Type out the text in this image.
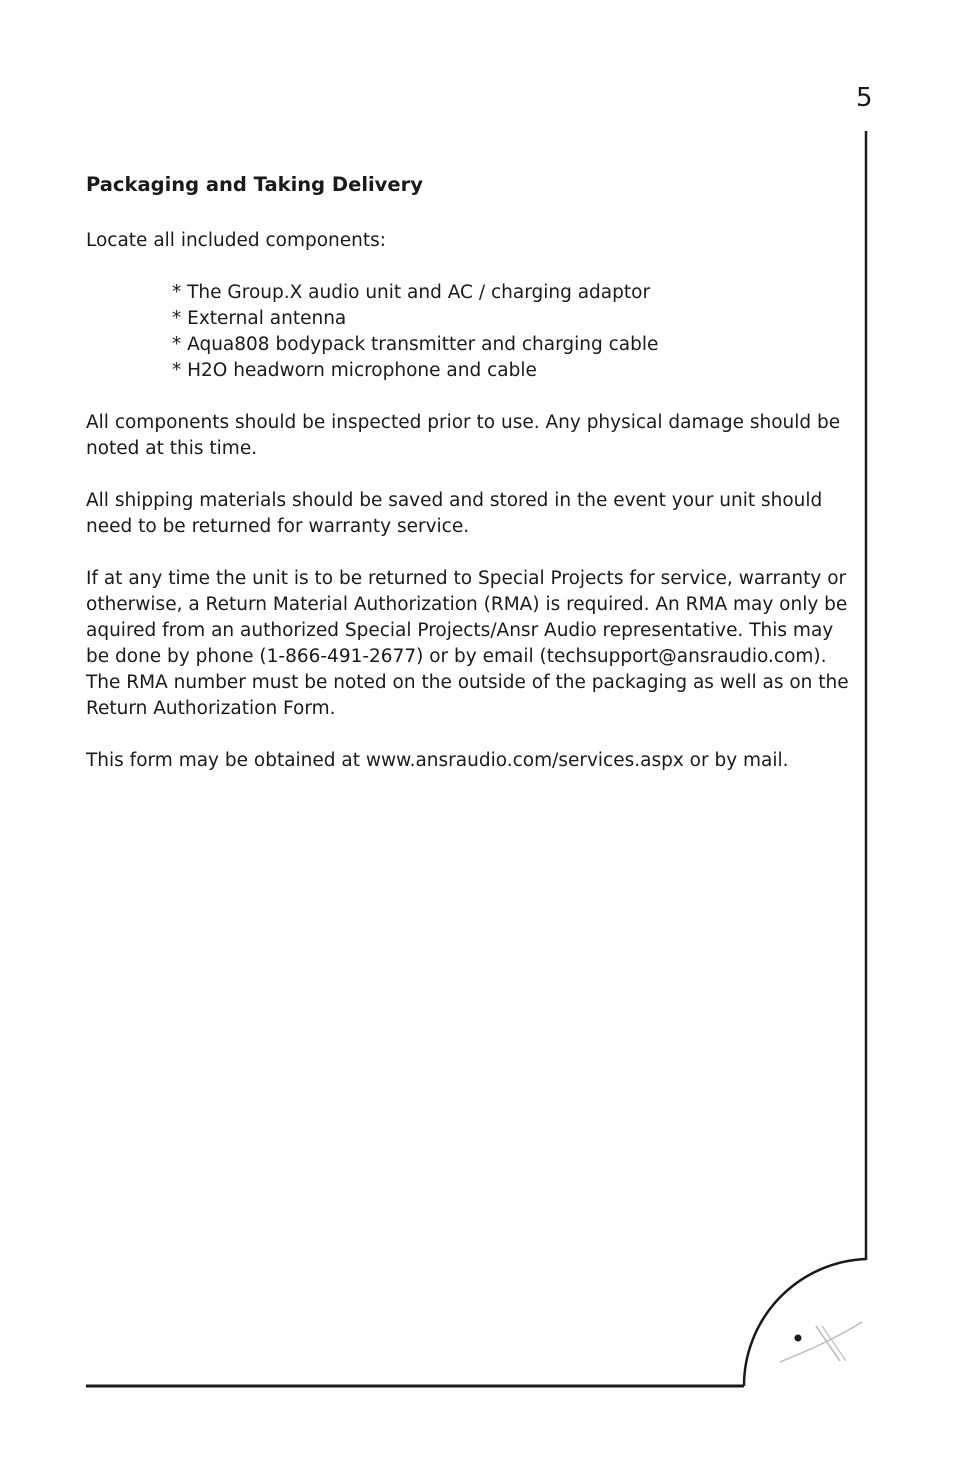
5
Packaging and Taking Delivery

Locate all included components:

* The Group.X audio unit and AC / charging adaptor
* External antenna
* Aqua808 bodypack transmitter and charging cable
* H2O headworn microphone and cable

All components should be inspected prior to use. Any physical damage should be
noted at this time.

All shipping materials should be saved and stored in the event your unit should
need to be returned for warranty service.

If at any time the unit is to be returned to Special Projects for service, warranty or
otherwise, a Return Material Authorization (RMA) is required. An RMA may only be
aquired from an authorized Special Projects/Ansr Audio representative. This may
be done by phone (1-866-491-2677) or by email (techsupport@ansraudio.com).
The RMA number must be noted on the outside of the packaging as well as on the
Return Authorization Form.

This form may be obtained at www.ansraudio.com/services.aspx or by mail.
